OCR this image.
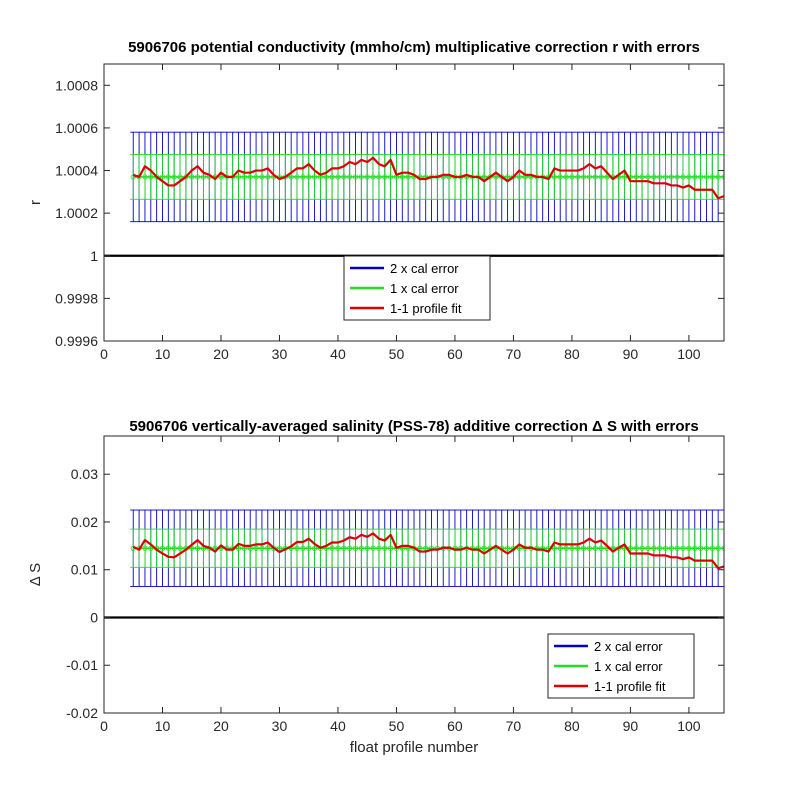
0	10	20	30	40	50	60	70	80	90	100
0.9996
0.9998
1
1.0002
1.0004
1.0006
1.0008
5906706 potential conductivity (mmho/cm) multiplicative correction r with errors
r
2 x cal error
1 x cal error
1-1 profile fit
0	10	20	30	40	50	60	70	80	90	100
-0.02
-0.01
0
0.01
0.02
0.03
5906706 vertically-averaged salinity (PSS-78) additive correction Δ S with errors
Δ S
float profile number
2 x cal error
1 x cal error
1-1 profile fit
